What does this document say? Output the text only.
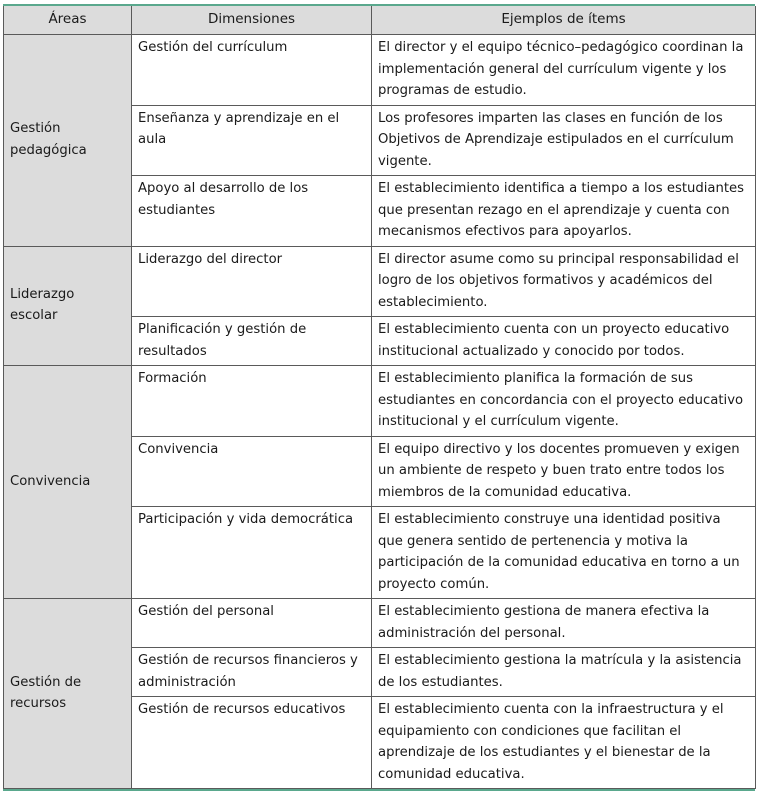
Áreas	Dimensiones	Ejemplos de ítems
Gestión pedagógica	Gestión del currículum	El director y el equipo técnico–pedagógico coordinan la implementación general del currículum vigente y los programas de estudio.
	Enseñanza y aprendizaje en el aula	Los profesores imparten las clases en función de los Objetivos de Aprendizaje estipulados en el currículum vigente.
	Apoyo al desarrollo de los estudiantes	El establecimiento identifica a tiempo a los estudiantes que presentan rezago en el aprendizaje y cuenta con mecanismos efectivos para apoyarlos.
Liderazgo escolar	Liderazgo del director	El director asume como su principal responsabilidad el logro de los objetivos formativos y académicos del establecimiento.
	Planificación y gestión de resultados	El establecimiento cuenta con un proyecto educativo institucional actualizado y conocido por todos.
Convivencia	Formación	El establecimiento planifica la formación de sus estudiantes en concordancia con el proyecto educativo institucional y el currículum vigente.
	Convivencia	El equipo directivo y los docentes promueven y exigen un ambiente de respeto y buen trato entre todos los miembros de la comunidad educativa.
	Participación y vida democrática	El establecimiento construye una identidad positiva que genera sentido de pertenencia y motiva la participación de la comunidad educativa en torno a un proyecto común.
Gestión de recursos	Gestión del personal	El establecimiento gestiona de manera efectiva la administración del personal.
	Gestión de recursos financieros y administración	El establecimiento gestiona la matrícula y la asistencia de los estudiantes.
	Gestión de recursos educativos	El establecimiento cuenta con la infraestructura y el equipamiento con condiciones que facilitan el aprendizaje de los estudiantes y el bienestar de la comunidad educativa.
